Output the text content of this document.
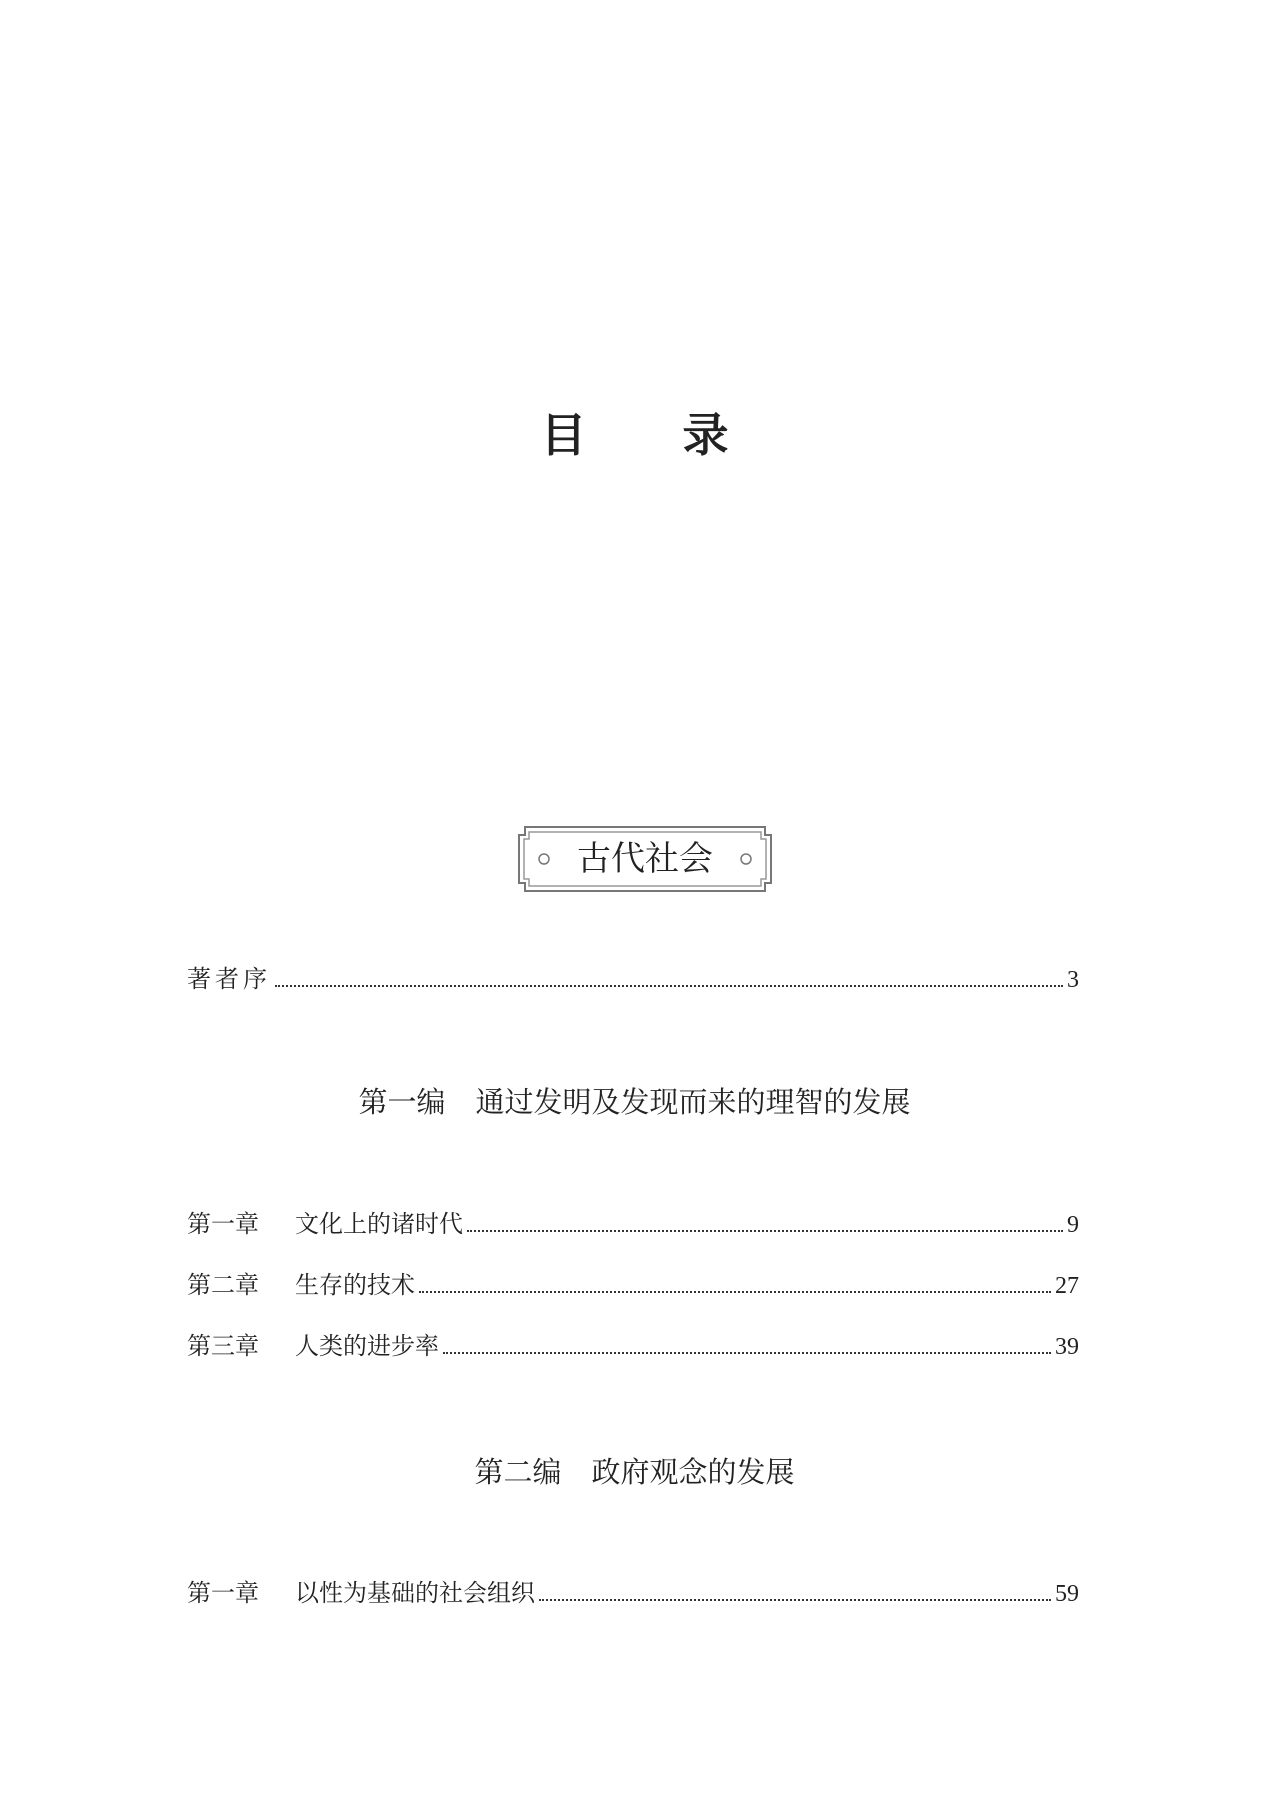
目 录
古代社会
著者序	3
第一编 通过发明及发现而来的理智的发展
第一章 文化上的诸时代	9
第二章 生存的技术	27
第三章 人类的进步率	39
第二编 政府观念的发展
第一章 以性为基础的社会组织	59
